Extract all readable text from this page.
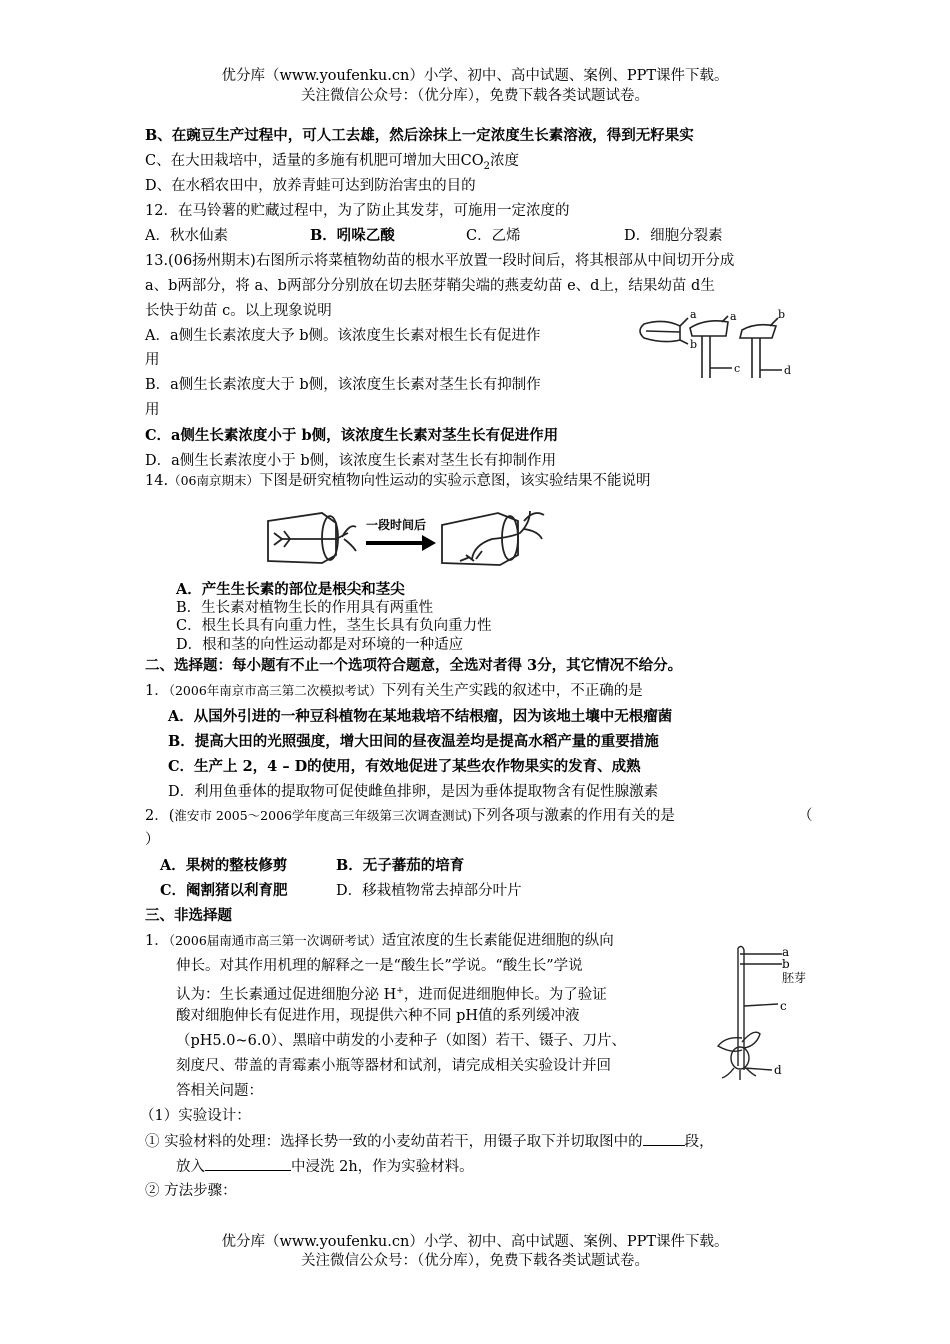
优分库（www.youfenku.cn）小学、初中、高中试题、案例、PPT课件下载。
关注微信公众号：（优分库），免费下载各类试题试卷。
B、在豌豆生产过程中，可人工去雄，然后涂抹上一定浓度生长素溶液，得到无籽果实
C、在大田栽培中，适量的多施有机肥可增加大田$CO_2$浓度
D、在水稻农田中，放养青蛙可达到防治害虫的目的
12．在马铃薯的贮藏过程中，为了防止其发芽，可施用一定浓度的
A．秋水仙素	B．吲哚乙酸	C．乙烯	D．细胞分裂素
13.(06扬州期末)右图所示将菜植物幼苗的根水平放置一段时间后，将其根部从中间切开分成
a、b两部分，将 a、b两部分分别放在切去胚芽鞘尖端的燕麦幼苗 e、d上，结果幼苗 d生
长快于幼苗 c。以上现象说明
A．a侧生长素浓度大予 b侧。该浓度生长素对根生长有促进作
用
B．a侧生长素浓度大于 b侧，该浓度生长素对茎生长有抑制作
用
C．a侧生长素浓度小于 b侧，该浓度生长素对茎生长有促进作用
D．a侧生长素浓度小于 b侧，该浓度生长素对茎生长有抑制作用
a
b
a
c
b
d
14.（06南京期末）下图是研究植物向性运动的实验示意图，该实验结果不能说明
一段时间后
A．产生生长素的部位是根尖和茎尖
B．生长素对植物生长的作用具有两重性
C．根生长具有向重力性，茎生长具有负向重力性
D．根和茎的向性运动都是对环境的一种适应
二、选择题：每小题有不止一个选项符合题意，全选对者得 3分，其它情况不给分。
1．（2006年南京市高三第二次模拟考试）下列有关生产实践的叙述中，不正确的是
A．从国外引进的一种豆科植物在某地栽培不结根瘤，因为该地土壤中无根瘤菌
B．提高大田的光照强度，增大田间的昼夜温差均是提高水稻产量的重要措施
C．生产上 2，4 – D的使用，有效地促进了某些农作物果实的发育、成熟
D．利用鱼垂体的提取物可促使雌鱼排卵，是因为垂体提取物含有促性腺激素
2．(淮安市 2005～2006学年度高三年级第三次调查测试)下列各项与激素的作用有关的是	（
）
A．果树的整枝修剪	B．无子蕃茄的培育
C．阉割猪以利育肥	D．移栽植物常去掉部分叶片
三、非选择题
1．（2006届南通市高三第一次调研考试）适宜浓度的生长素能促进细胞的纵向
伸长。对其作用机理的解释之一是“酸生长”学说。“酸生长”学说
认为：生长素通过促进细胞分泌 H+，进而促进细胞伸长。为了验证
酸对细胞伸长有促进作用，现提供六种不同 pH值的系列缓冲液
（pH5.0~6.0）、黑暗中萌发的小麦种子（如图）若干、镊子、刀片、
刻度尺、带盖的青霉素小瓶等器材和试剂，请完成相关实验设计并回
答相关问题：
a
b
胚芽
c
d
（1）实验设计：
① 实验材料的处理：选择长势一致的小麦幼苗若干，用镊子取下并切取图中的	段，
放入	中浸洗 2h，作为实验材料。
② 方法步骤：
优分库（www.youfenku.cn）小学、初中、高中试题、案例、PPT课件下载。
关注微信公众号：（优分库），免费下载各类试题试卷。
